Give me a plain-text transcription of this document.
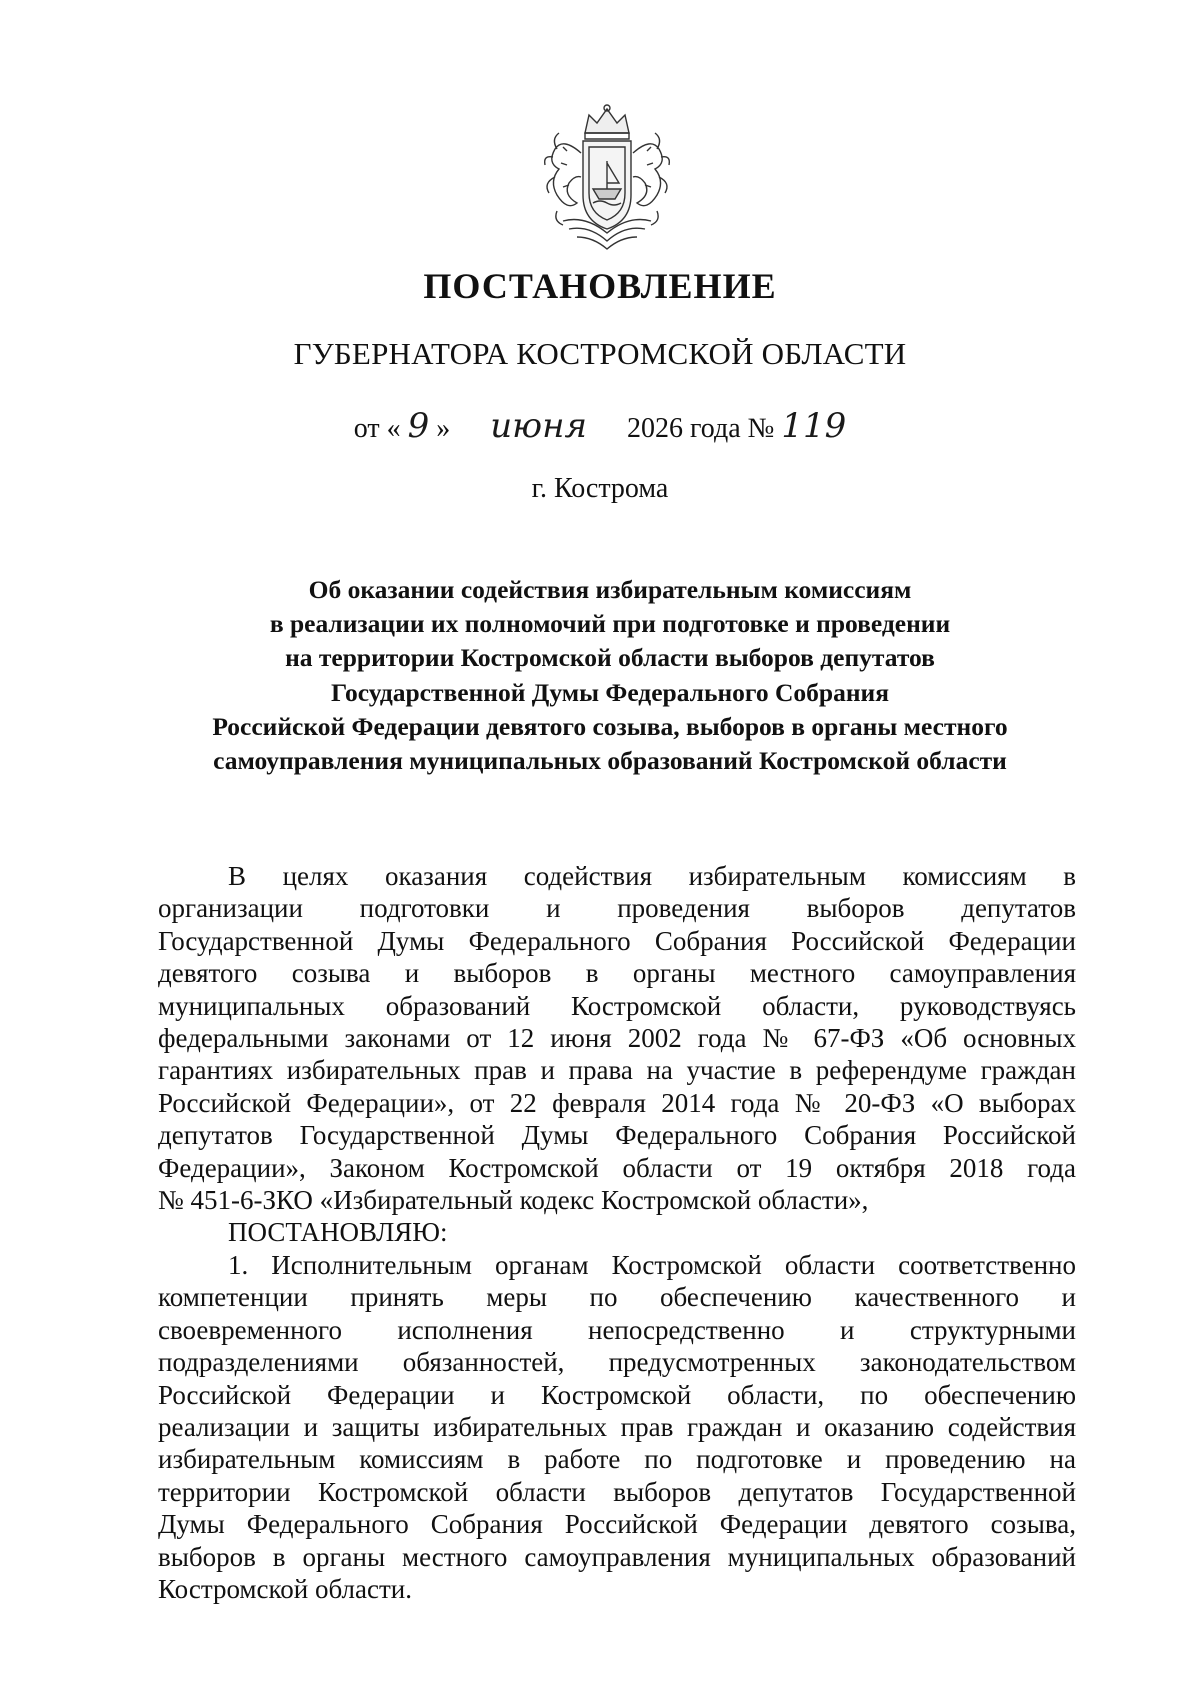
ПОСТАНОВЛЕНИЕ
ГУБЕРНАТОРА КОСТРОМСКОЙ ОБЛАСТИ
от « 9 » июня 2026 года № 119
г. Кострома
Об оказании содействия избирательным комиссиям
в реализации их полномочий при подготовке и проведении
на территории Костромской области выборов депутатов
Государственной Думы Федерального Собрания
Российской Федерации девятого созыва, выборов в органы местного
самоуправления муниципальных образований Костромской области
В целях оказания содействия избирательным комиссиям в
организации подготовки и проведения выборов депутатов
Государственной Думы Федерального Собрания Российской Федерации
девятого созыва и выборов в органы местного самоуправления
муниципальных образований Костромской области, руководствуясь
федеральными законами от 12 июня 2002 года № 67-ФЗ «Об основных
гарантиях избирательных прав и права на участие в референдуме граждан
Российской Федерации», от 22 февраля 2014 года № 20-ФЗ «О выборах
депутатов Государственной Думы Федерального Собрания Российской
Федерации», Законом Костромской области от 19 октября 2018 года
№ 451-6-ЗКО «Избирательный кодекс Костромской области»,
ПОСТАНОВЛЯЮ:
1. Исполнительным органам Костромской области соответственно
компетенции принять меры по обеспечению качественного и
своевременного исполнения непосредственно и структурными
подразделениями обязанностей, предусмотренных законодательством
Российской Федерации и Костромской области, по обеспечению
реализации и защиты избирательных прав граждан и оказанию содействия
избирательным комиссиям в работе по подготовке и проведению на
территории Костромской области выборов депутатов Государственной
Думы Федерального Собрания Российской Федерации девятого созыва,
выборов в органы местного самоуправления муниципальных образований
Костромской области.
